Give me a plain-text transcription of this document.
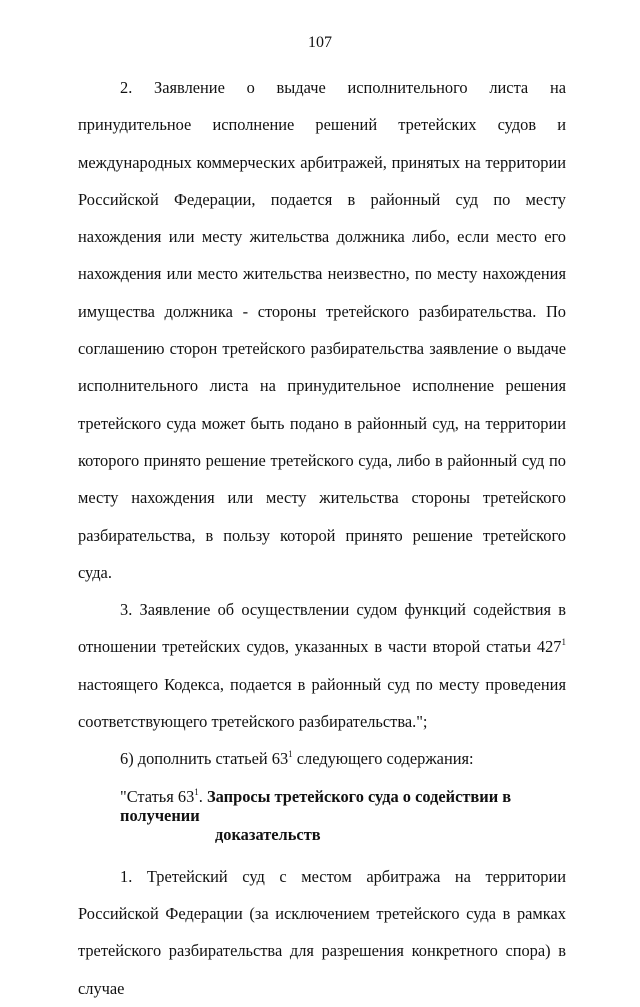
107

2. Заявление о выдаче исполнительного листа на принудительное исполнение решений третейских судов и международных коммерческих арбитражей, принятых на территории Российской Федерации, подается в районный суд по месту нахождения или месту жительства должника либо, если место его нахождения или место жительства неизвестно, по месту нахождения имущества должника - стороны третейского разбирательства. По соглашению сторон третейского разбирательства заявление о выдаче исполнительного листа на принудительное исполнение решения третейского суда может быть подано в районный суд, на территории которого принято решение третейского суда, либо в районный суд по месту нахождения или месту жительства стороны третейского разбирательства, в пользу которой принято решение третейского суда.

3. Заявление об осуществлении судом функций содействия в отношении третейских судов, указанных в части второй статьи $427^1$ настоящего Кодекса, подается в районный суд по месту проведения соответствующего третейского разбирательства.";

6) дополнить статьей $63^1$ следующего содержания:

"Статья $63^1$. Запросы третейского суда о содействии в получении
доказательств

1. Третейский суд с местом арбитража на территории Российской Федерации (за исключением третейского суда в рамках третейского разбирательства для разрешения конкретного спора) в случае
